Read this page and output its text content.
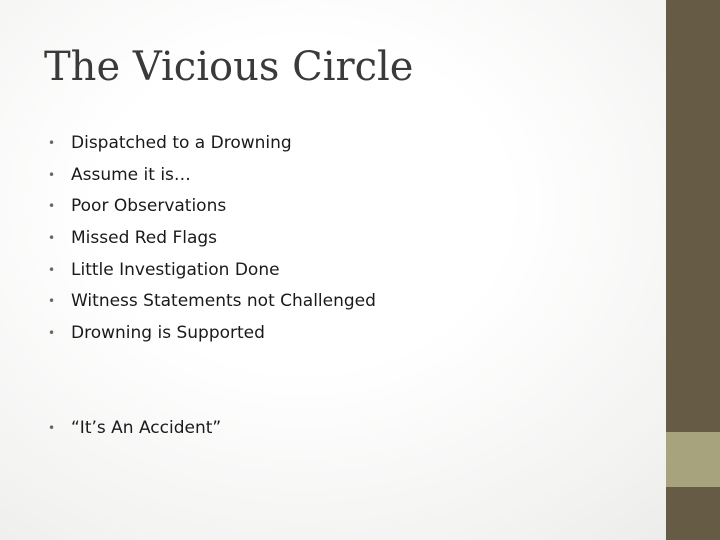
The Vicious Circle
• Dispatched to a Drowning
• Assume it is…
• Poor Observations
• Missed Red Flags
• Little Investigation Done
• Witness Statements not Challenged
• Drowning is Supported
• “It’s An Accident”
